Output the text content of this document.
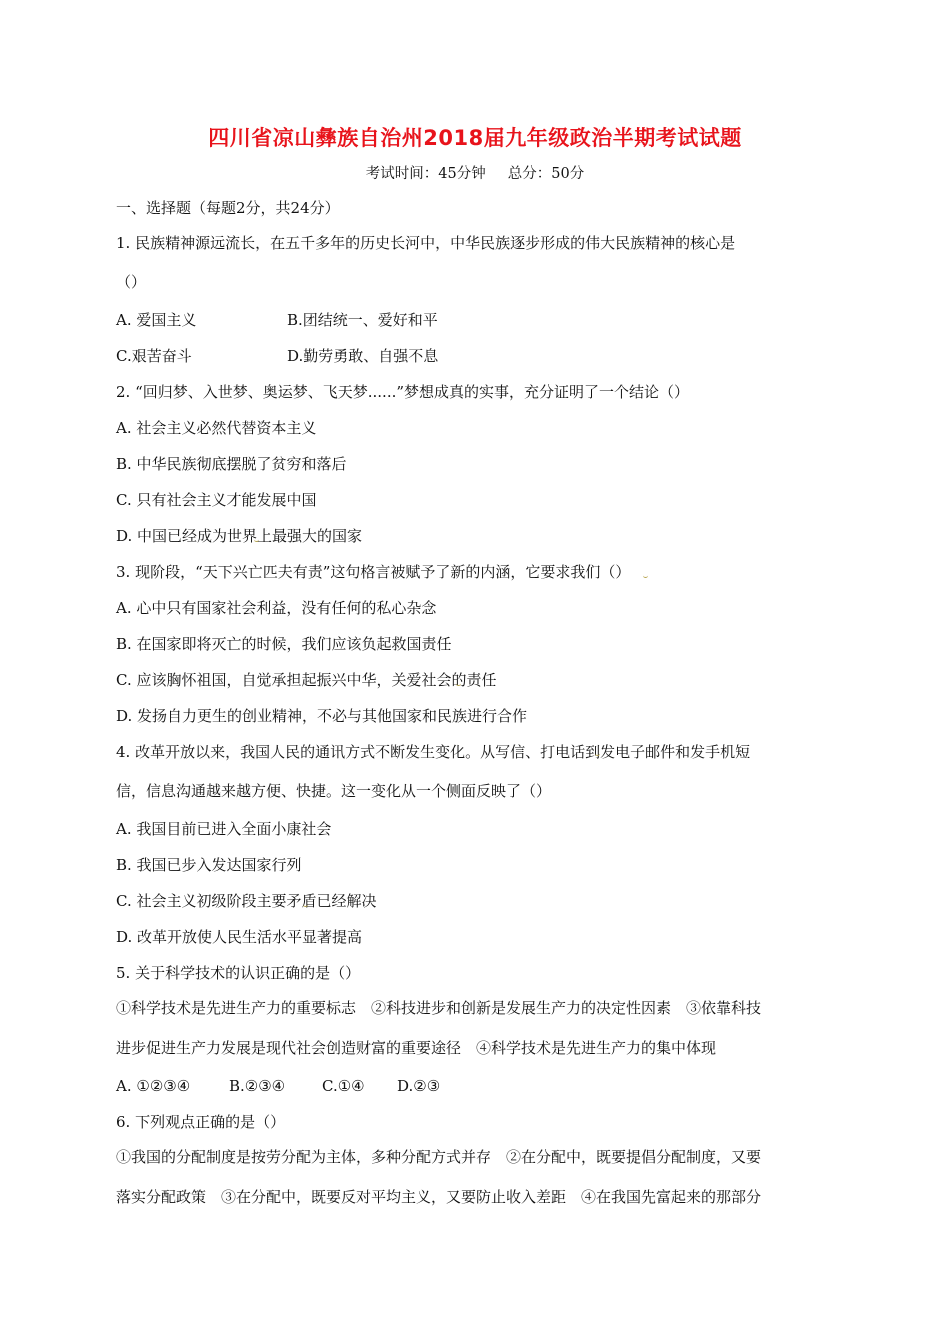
四川省凉山彝族自治州2018届九年级政治半期考试试题
考试时间：45分钟 总分：50分
一、选择题（每题2分，共24分）
1. 民族精神源远流长，在五千多年的历史长河中，中华民族逐步形成的伟大民族精神的核心是
（）
A. 爱国主义	B.团结统一、爱好和平
C.艰苦奋斗	D.勤劳勇敢、自强不息
2. “回归梦、入世梦、奥运梦、飞天梦......”梦想成真的实事，充分证明了一个结论（）
A. 社会主义必然代替资本主义
B. 中华民族彻底摆脱了贫穷和落后
C. 只有社会主义才能发展中国
D. 中国已经成为世界上最强大的国家
3. 现阶段，“天下兴亡匹夫有责”这句格言被赋予了新的内涵，它要求我们（）
A. 心中只有国家社会利益，没有任何的私心杂念
B. 在国家即将灭亡的时候，我们应该负起救国责任
C. 应该胸怀祖国，自觉承担起振兴中华，关爱社会的责任
D. 发扬自力更生的创业精神，不必与其他国家和民族进行合作
4. 改革开放以来，我国人民的通讯方式不断发生变化。从写信、打电话到发电子邮件和发手机短
信，信息沟通越来越方便、快捷。这一变化从一个侧面反映了（）
A. 我国目前已进入全面小康社会
B. 我国已步入发达国家行列
C. 社会主义初级阶段主要矛盾已经解决
D. 改革开放使人民生活水平显著提高
5. 关于科学技术的认识正确的是（）
①科学技术是先进生产力的重要标志　②科技进步和创新是发展生产力的决定性因素　③依靠科技
进步促进生产力发展是现代社会创造财富的重要途径　④科学技术是先进生产力的集中体现
A. ①②③④	B.②③④ C.①④ D.②③
6. 下列观点正确的是（）
①我国的分配制度是按劳分配为主体，多种分配方式并存　②在分配中，既要提倡分配制度，又要
落实分配政策　③在分配中，既要反对平均主义，又要防止收入差距　④在我国先富起来的那部分
